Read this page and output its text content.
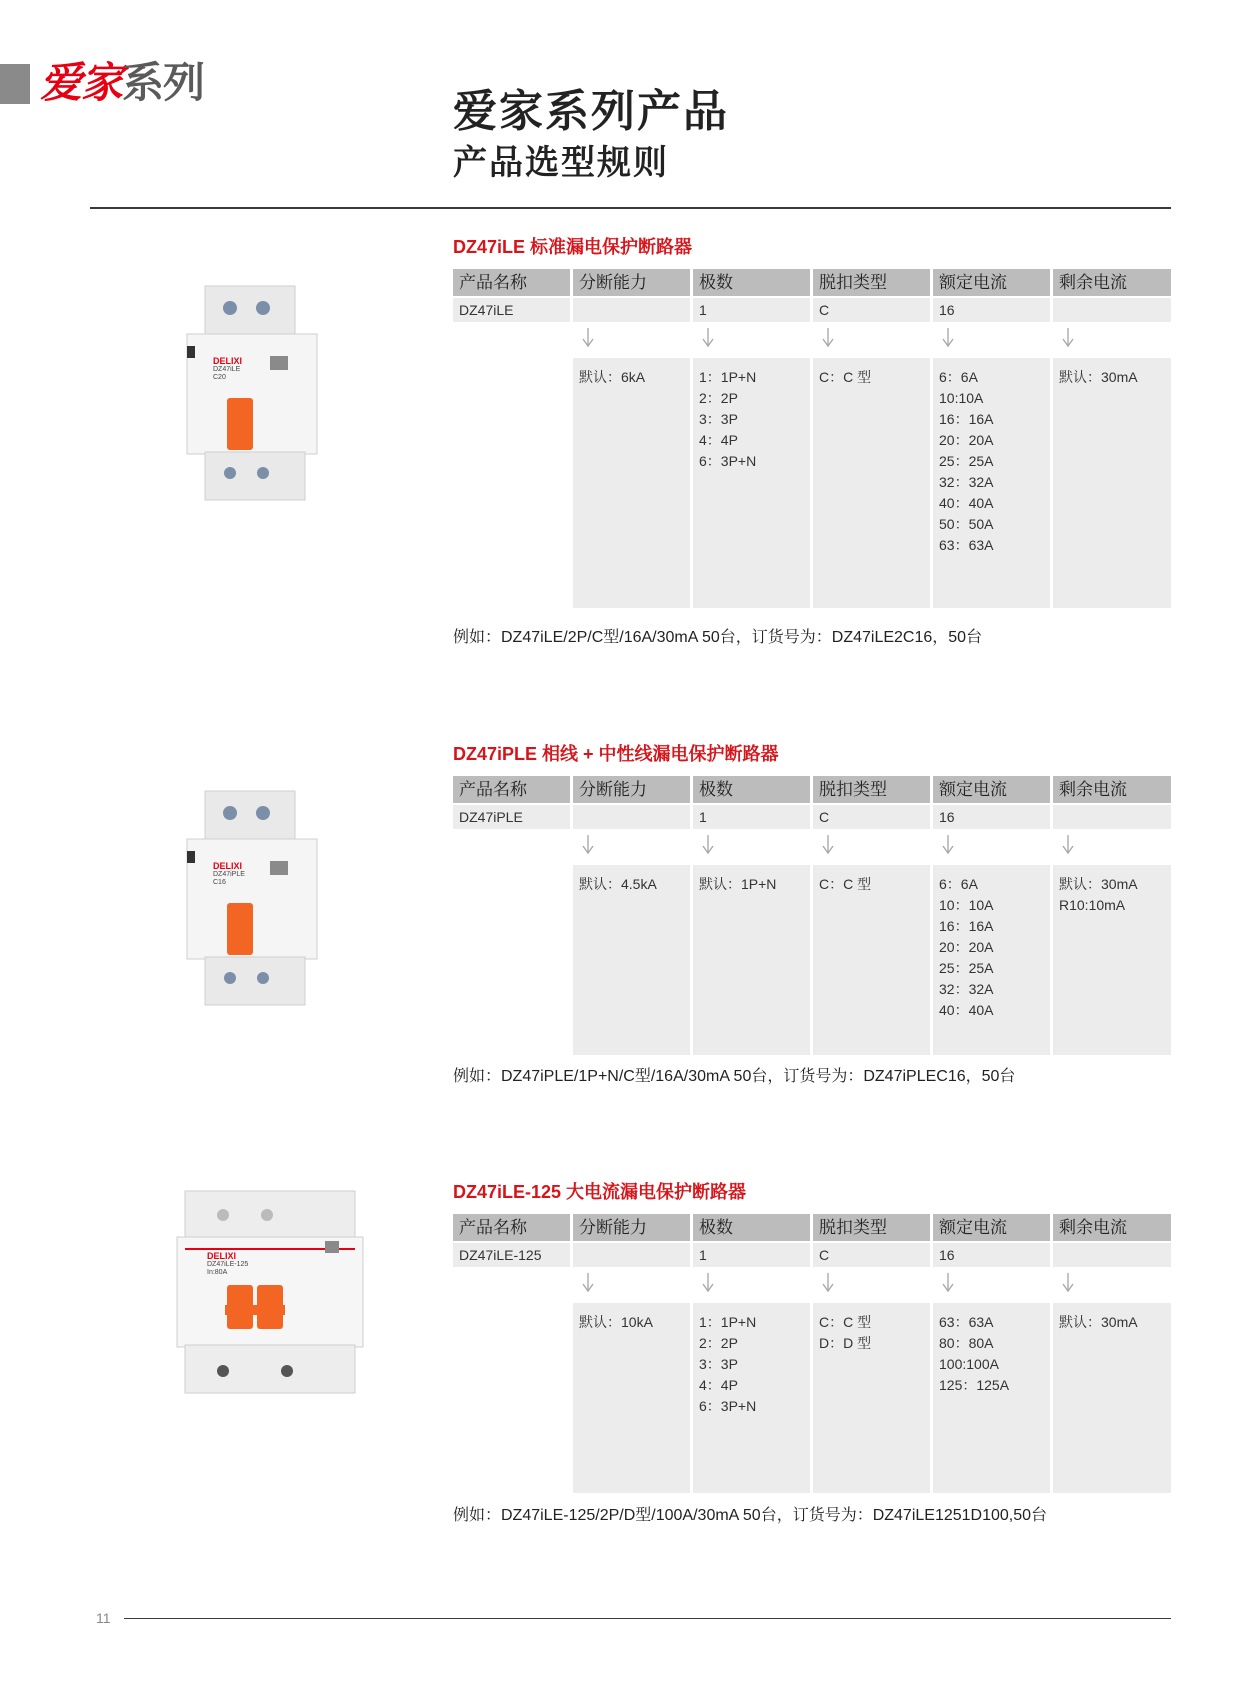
爱家系列
爱家系列产品
产品选型规则
DZ47iLE 标准漏电保护断路器
DELIXI
DZ47iLE
C20
产品名称
DZ47iLE
分断能力
默认：6kA
极数
1
1：1P+N
2：2P
3：3P
4：4P
6：3P+N
脱扣类型
C
C：C 型
额定电流
16
6：6A
10:10A
16：16A
20：20A
25：25A
32：32A
40：40A
50：50A
63：63A
剩余电流
默认：30mA
例如：DZ47iLE/2P/C型/16A/30mA 50台，订货号为：DZ47iLE2C16，50台
DZ47iPLE 相线 + 中性线漏电保护断路器
DELIXI
DZ47iPLE
C16
产品名称
DZ47iPLE
分断能力
默认：4.5kA
极数
1
默认：1P+N
脱扣类型
C
C：C 型
额定电流
16
6：6A
10：10A
16：16A
20：20A
25：25A
32：32A
40：40A
剩余电流
默认：30mA
R10:10mA
例如：DZ47iPLE/1P+N/C型/16A/30mA 50台，订货号为：DZ47iPLEC16，50台
DZ47iLE-125 大电流漏电保护断路器
DELIXI
DZ47iLE-125
In:80A
产品名称
DZ47iLE-125
分断能力
默认：10kA
极数
1
1：1P+N
2：2P
3：3P
4：4P
6：3P+N
脱扣类型
C
C：C 型
D：D 型
额定电流
16
63：63A
80：80A
100:100A
125：125A
剩余电流
默认：30mA
例如：DZ47iLE-125/2P/D型/100A/30mA 50台，订货号为：DZ47iLE1251D100,50台
11
